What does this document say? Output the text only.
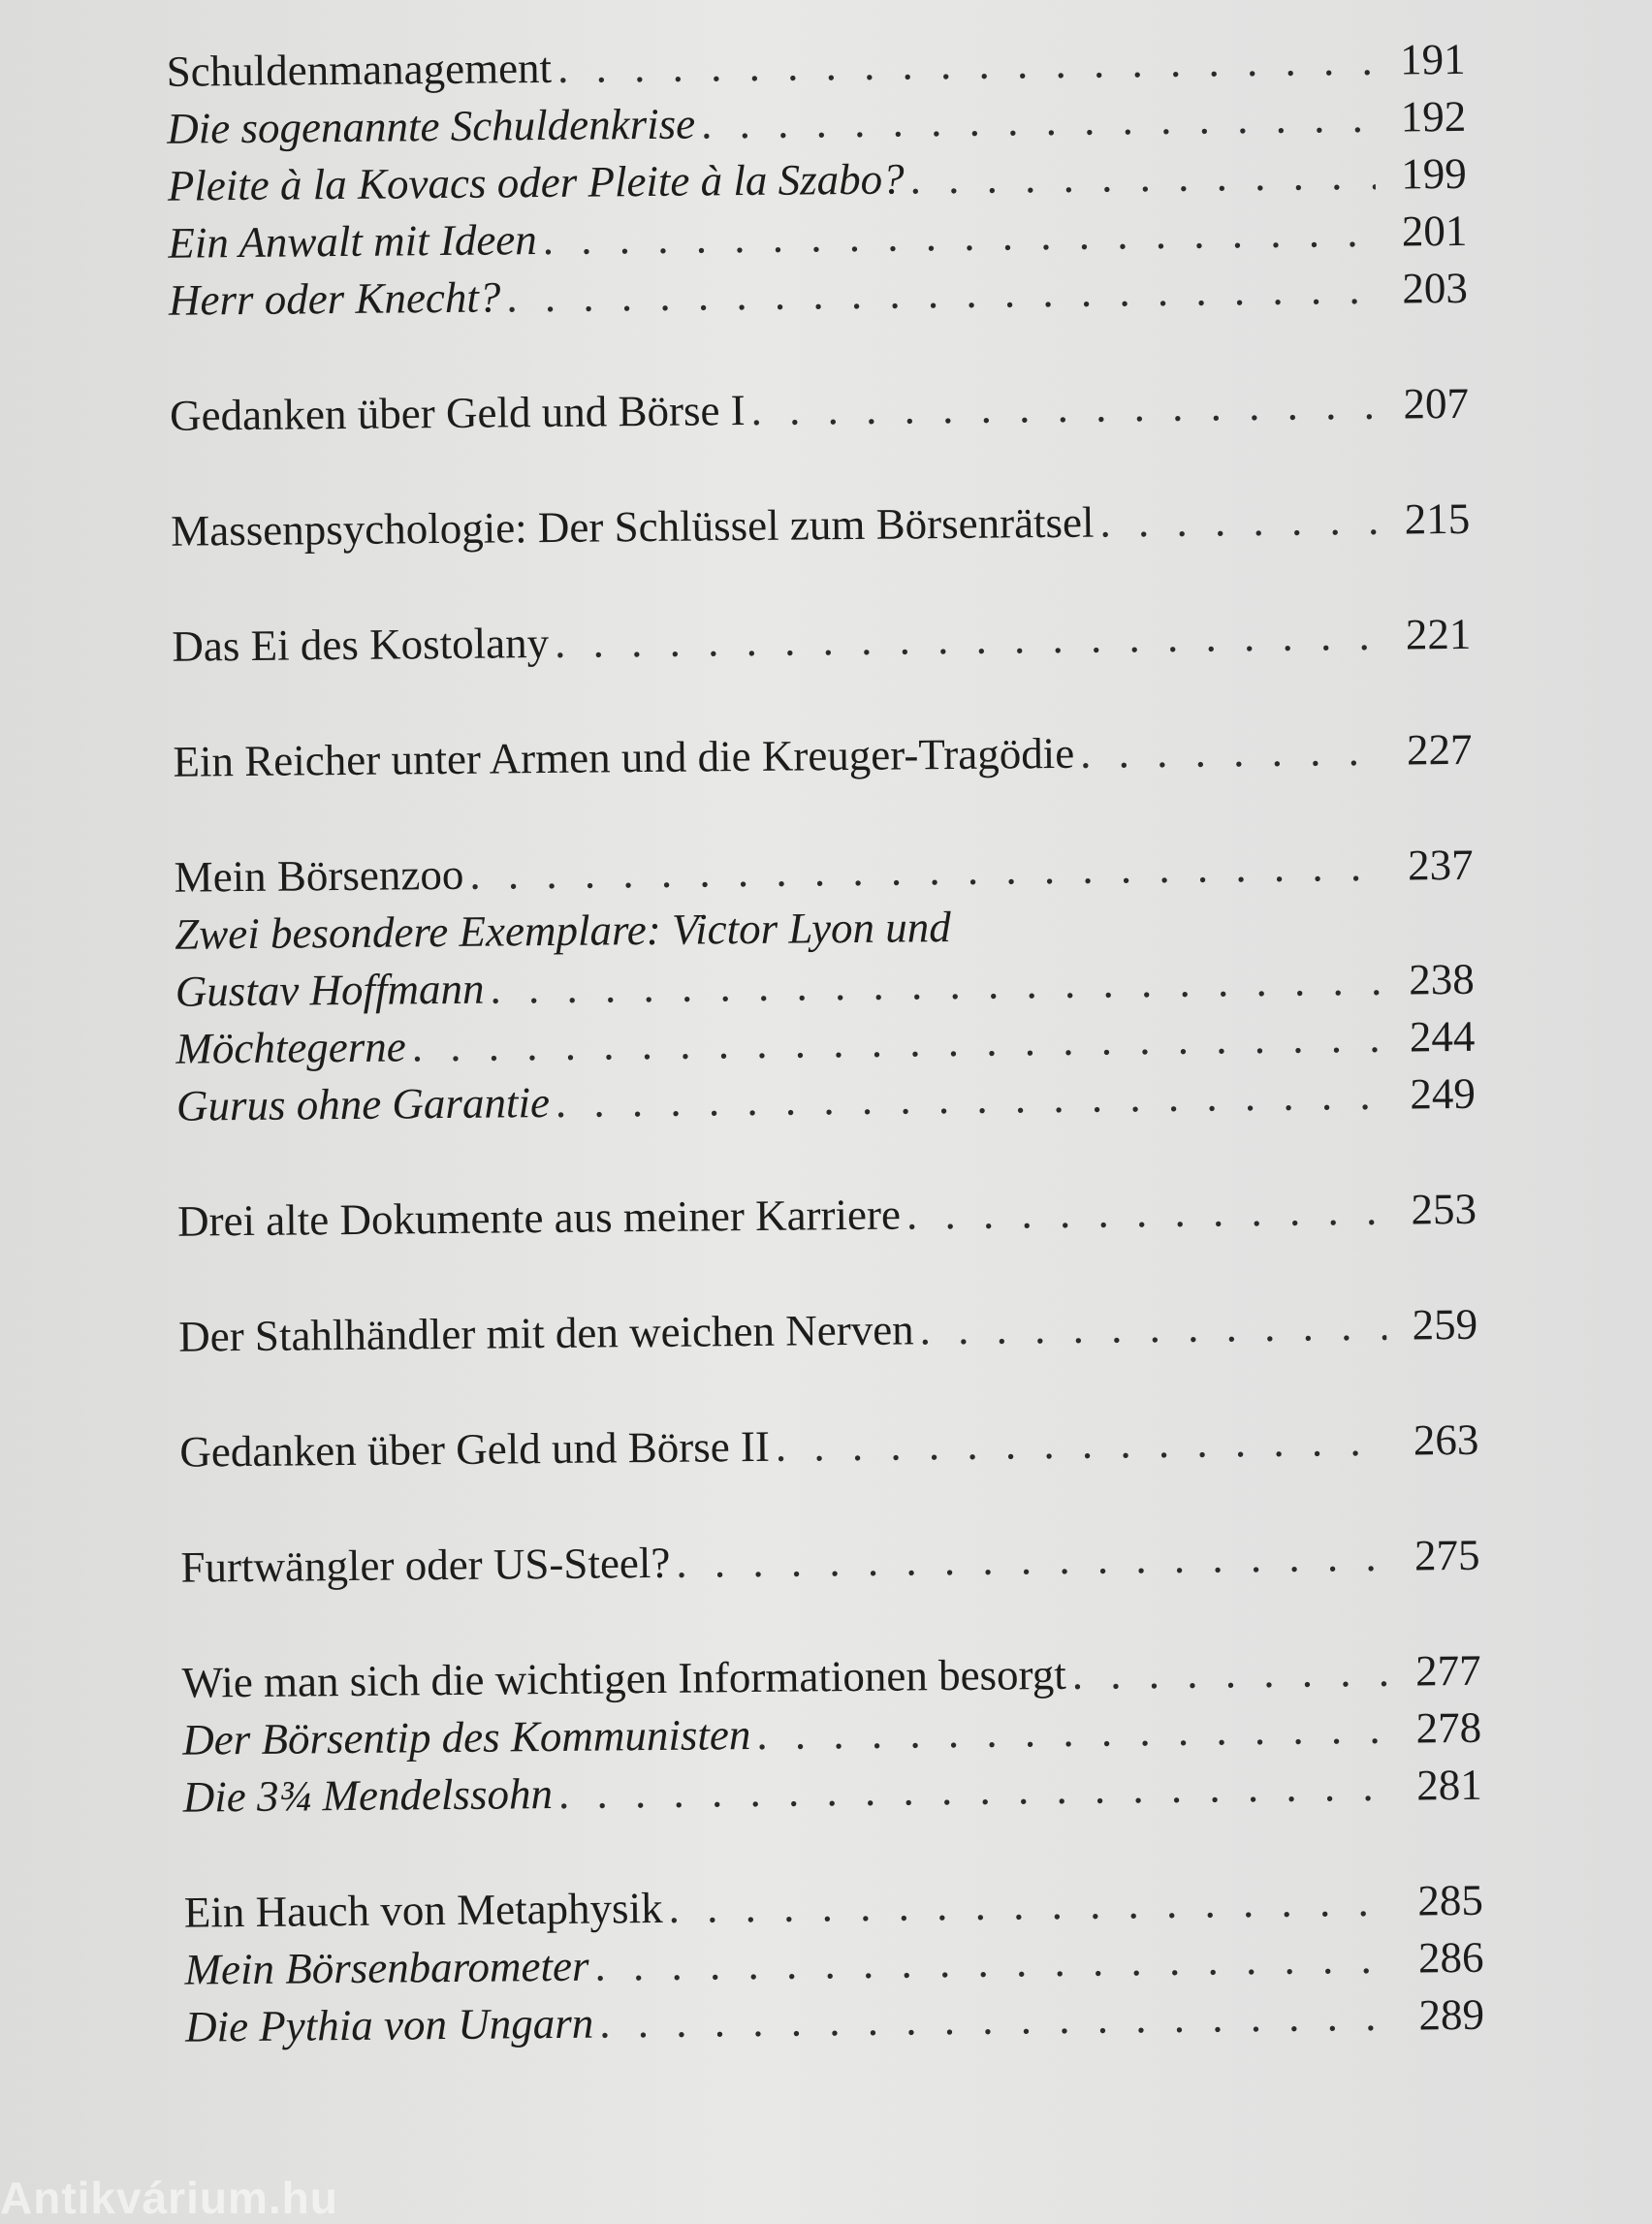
Schuldenmanagement . . .	191
Die sogenannte Schuldenkrise . . .	192
Pleite à la Kovacs oder Pleite à la Szabo? . . .	199
Ein Anwalt mit Ideen . . .	201
Herr oder Knecht? . . .	203
Gedanken über Geld und Börse I . . .	207
Massenpsychologie: Der Schlüssel zum Börsenrätsel . . .	215
Das Ei des Kostolany . . .	221
Ein Reicher unter Armen und die Kreuger-Tragödie . . .	227
Mein Börsenzoo . . .	237
Zwei besondere Exemplare: Victor Lyon und
Gustav Hoffmann . . .	238
Möchtegerne . . .	244
Gurus ohne Garantie . . .	249
Drei alte Dokumente aus meiner Karriere . . .	253
Der Stahlhändler mit den weichen Nerven . . .	259
Gedanken über Geld und Börse II . . .	263
Furtwängler oder US-Steel? . . .	275
Wie man sich die wichtigen Informationen besorgt . . .	277
Der Börsentip des Kommunisten . . .	278
Die 3¾ Mendelssohn . . .	281
Ein Hauch von Metaphysik . . .	285
Mein Börsenbarometer . . .	286
Die Pythia von Ungarn . . .	289
Antikvárium.hu
